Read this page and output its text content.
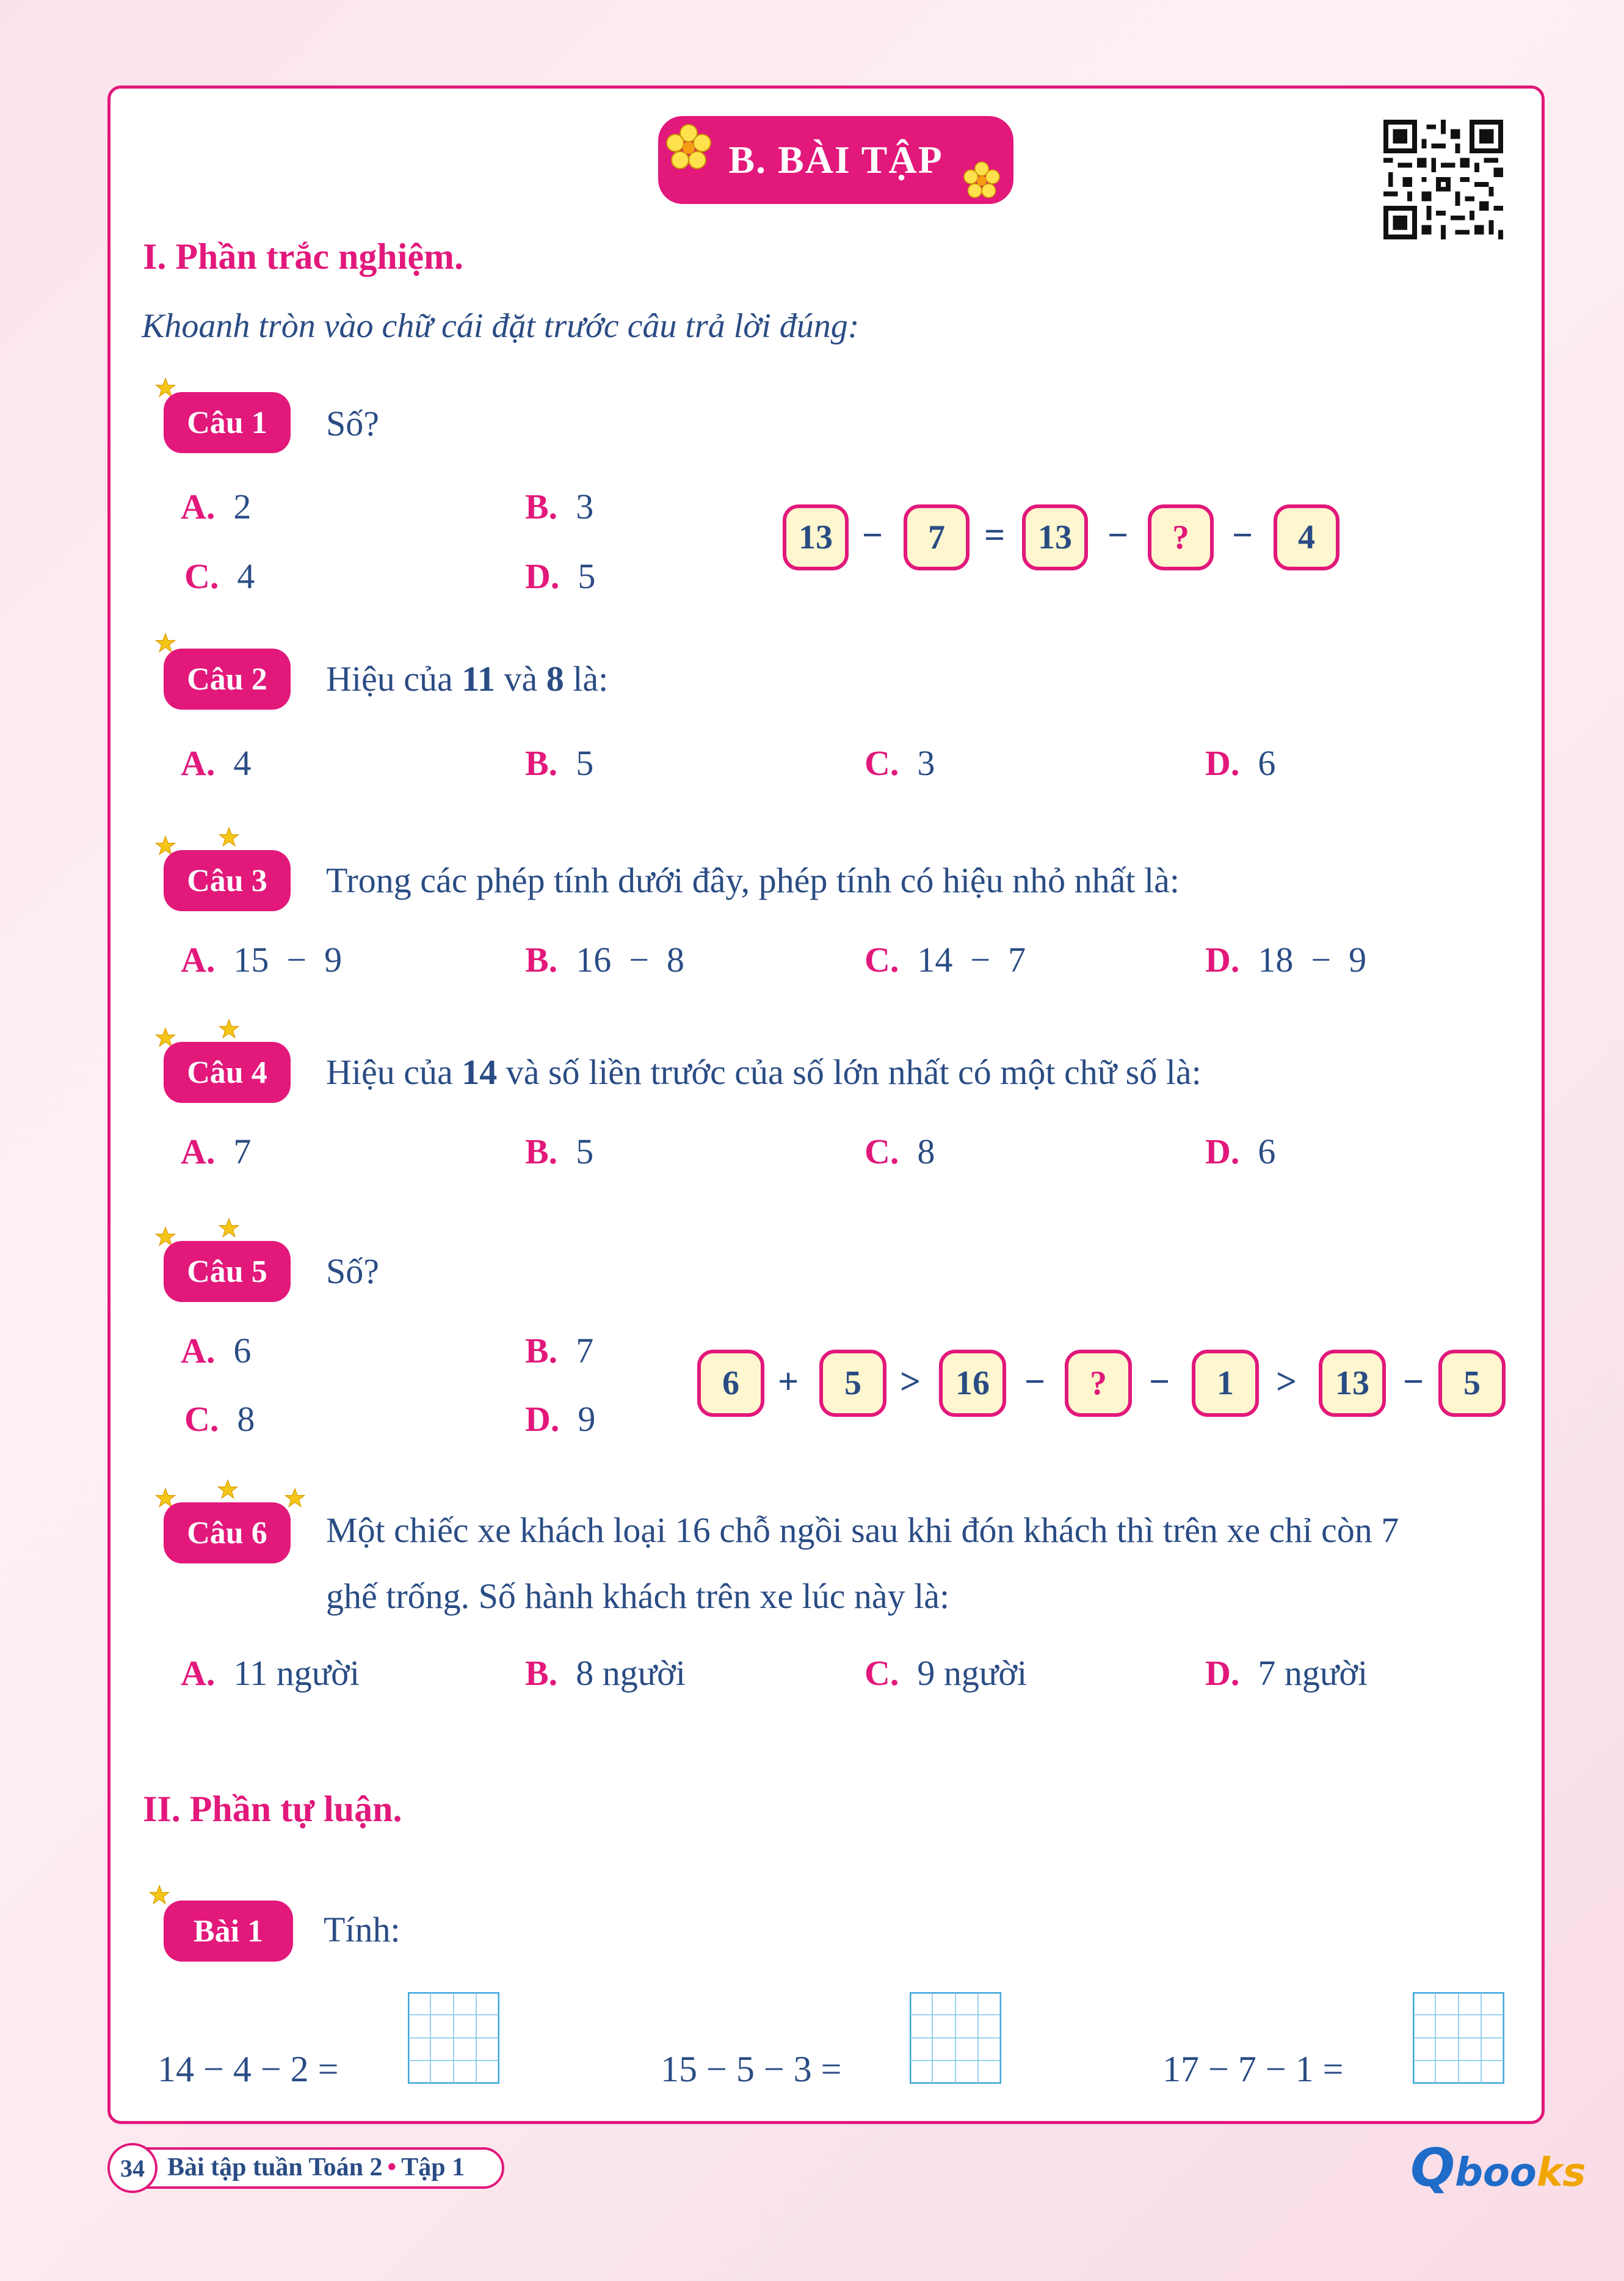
B. BÀI TẬP
I. Phần trắc nghiệm.
Khoanh tròn vào chữ cái đặt trước câu trả lời đúng:
Câu 1	Số?
A. 2	B. 3
C. 4	D. 5
13 −	7	= 13 −	?	−	4
Câu 2	Hiệu của 11 và 8 là:
A. 4	B. 5	C. 3	D. 6
Câu 3	Trong các phép tính dưới đây, phép tính có hiệu nhỏ nhất là:
A. 15  −  9	B. 16  −  8	C. 14  −  7	D. 18  −  9
Câu 4	Hiệu của 14 và số liền trước của số lớn nhất có một chữ số là:
A. 7	B. 5	C. 8	D. 6
Câu 5	Số?
A. 6	B. 7
C. 8	D. 9
6	+	5	>	16 −	?	−	1	>	13 −	5
Câu 6	Một chiếc xe khách loại 16 chỗ ngồi sau khi đón khách thì trên xe chỉ còn 7
ghế trống. Số hành khách trên xe lúc này là:
A. 11 người	B. 8 người	C. 9 người	D. 7 người
II. Phần tự luận.
Bài 1	Tính:
14 − 4 − 2 =	15 − 5 − 3 =	17 − 7 − 1 =
34 Bài tập tuần Toán 2 • Tập 1	Qbooks
